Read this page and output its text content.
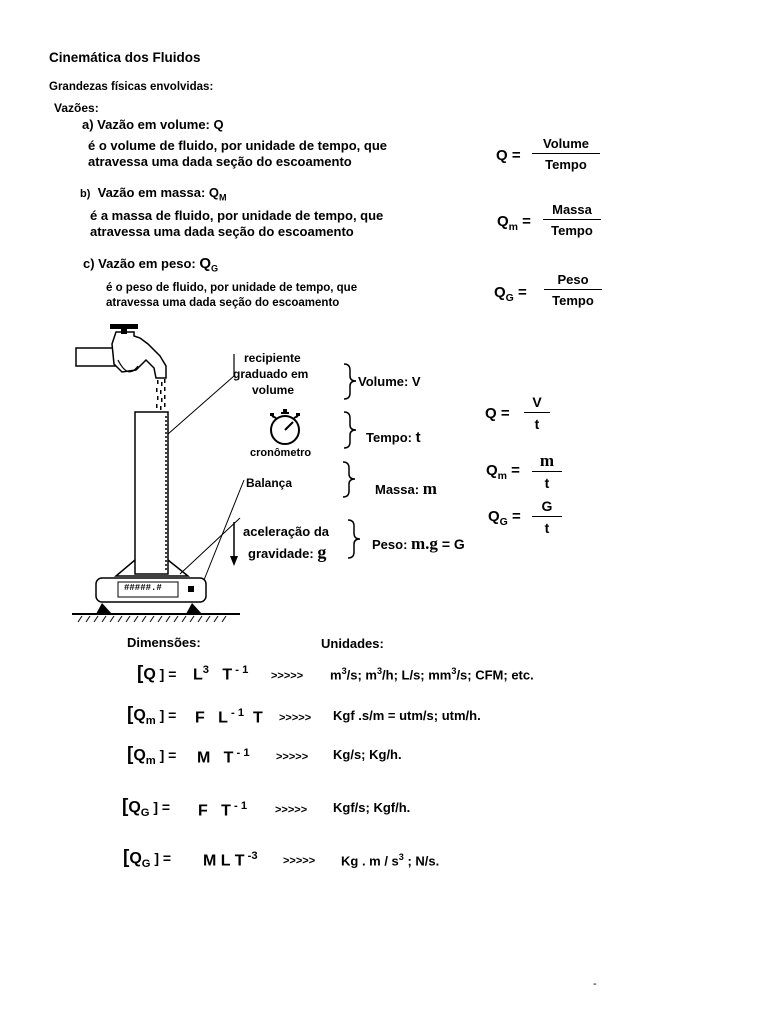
Cinemática dos Fluidos
Grandezas físicas envolvidas:
Vazões:
a) Vazão em volume: Q
é o volume de fluido, por unidade de tempo, que
atravessa uma dada seção do escoamento	Q =
Volume
Tempo
b) Vazão em massa: $Q_M$
é a massa de fluido, por unidade de tempo, que
atravessa uma dada seção do escoamento
$Q_m$ =
Massa
Tempo
c) Vazão em peso: $Q_G$
é o peso de fluido, por unidade de tempo, que
atravessa uma dada seção do escoamento
$Q_G$ =
Peso
Tempo
recipiente
graduado em
volume
cronômetro
Balança
aceleração da
gravidade: g
#####.#
Volume: V
Tempo: t
Massa: m
Peso: m.g = G
$Q = \frac{V}{t}$
$Q_m$ =
m
t
$Q_G = \frac{G}{t}$
Dimensões:	Unidades:
[Q ] = $L^3$ T $^{- 1}$ >>>>> $m^3/s$; $m^3/h$; L/s; $mm^3/s$; CFM; etc.
[$Q_m$ ] = F L $^{- 1}$ T >>>>> Kgf .s/m = utm/s; utm/h.
[$Q_m$ ] = M T $^{- 1}$ >>>>> Kg/s; Kg/h.
[$Q_G$ ] = F T $^{- 1}$	>>>>> Kgf/s; Kgf/h.
[$Q_G$ ] = M L T $^{-3}$ >>>>> Kg . m / $s^3$ ; N/s.
-
